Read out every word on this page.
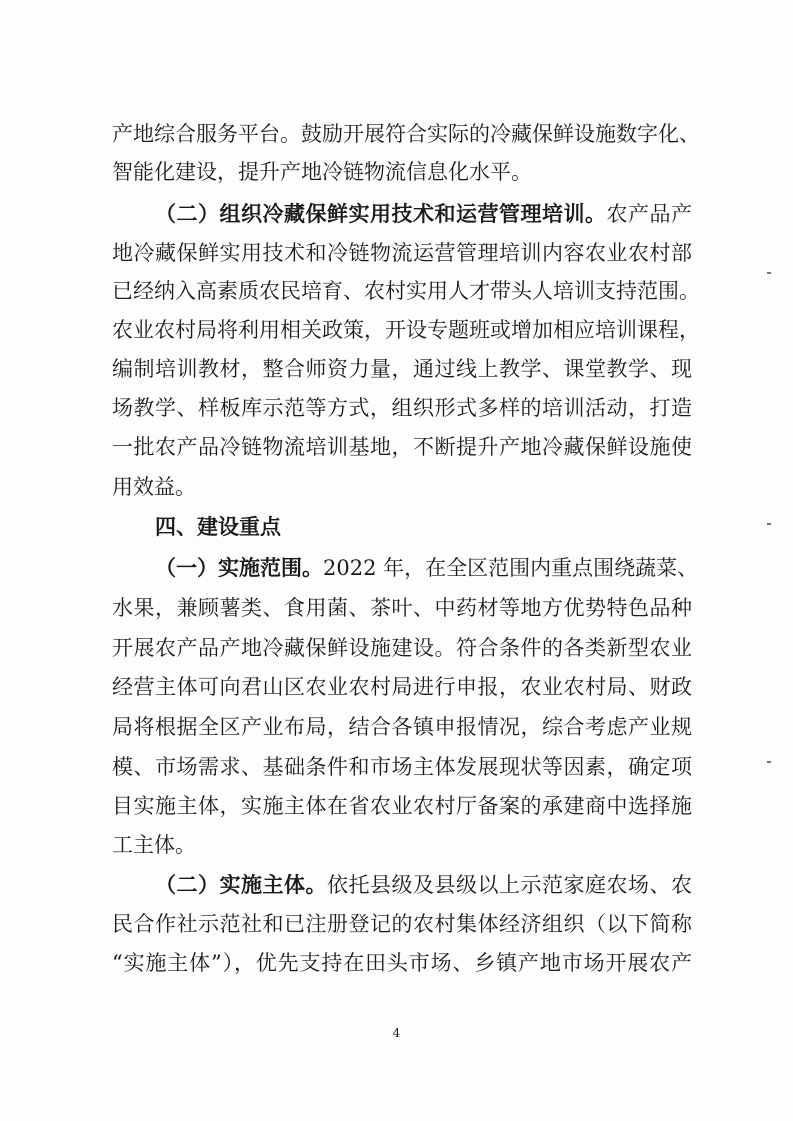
产地综合服务平台。鼓励开展符合实际的冷藏保鲜设施数字化、
智能化建设，提升产地冷链物流信息化水平。
（二）组织冷藏保鲜实用技术和运营管理培训。农产品产
地冷藏保鲜实用技术和冷链物流运营管理培训内容农业农村部
已经纳入高素质农民培育、农村实用人才带头人培训支持范围。
农业农村局将利用相关政策，开设专题班或增加相应培训课程，
编制培训教材，整合师资力量，通过线上教学、课堂教学、现
场教学、样板库示范等方式，组织形式多样的培训活动，打造
一批农产品冷链物流培训基地，不断提升产地冷藏保鲜设施使
用效益。
四、建设重点
（一）实施范围。2022 年，在全区范围内重点围绕蔬菜、
水果，兼顾薯类、食用菌、茶叶、中药材等地方优势特色品种
开展农产品产地冷藏保鲜设施建设。符合条件的各类新型农业
经营主体可向君山区农业农村局进行申报，农业农村局、财政
局将根据全区产业布局，结合各镇申报情况，综合考虑产业规
模、市场需求、基础条件和市场主体发展现状等因素，确定项
目实施主体，实施主体在省农业农村厅备案的承建商中选择施
工主体。
（二）实施主体。依托县级及县级以上示范家庭农场、农
民合作社示范社和已注册登记的农村集体经济组织（以下简称
“实施主体”），优先支持在田头市场、乡镇产地市场开展农产
4
